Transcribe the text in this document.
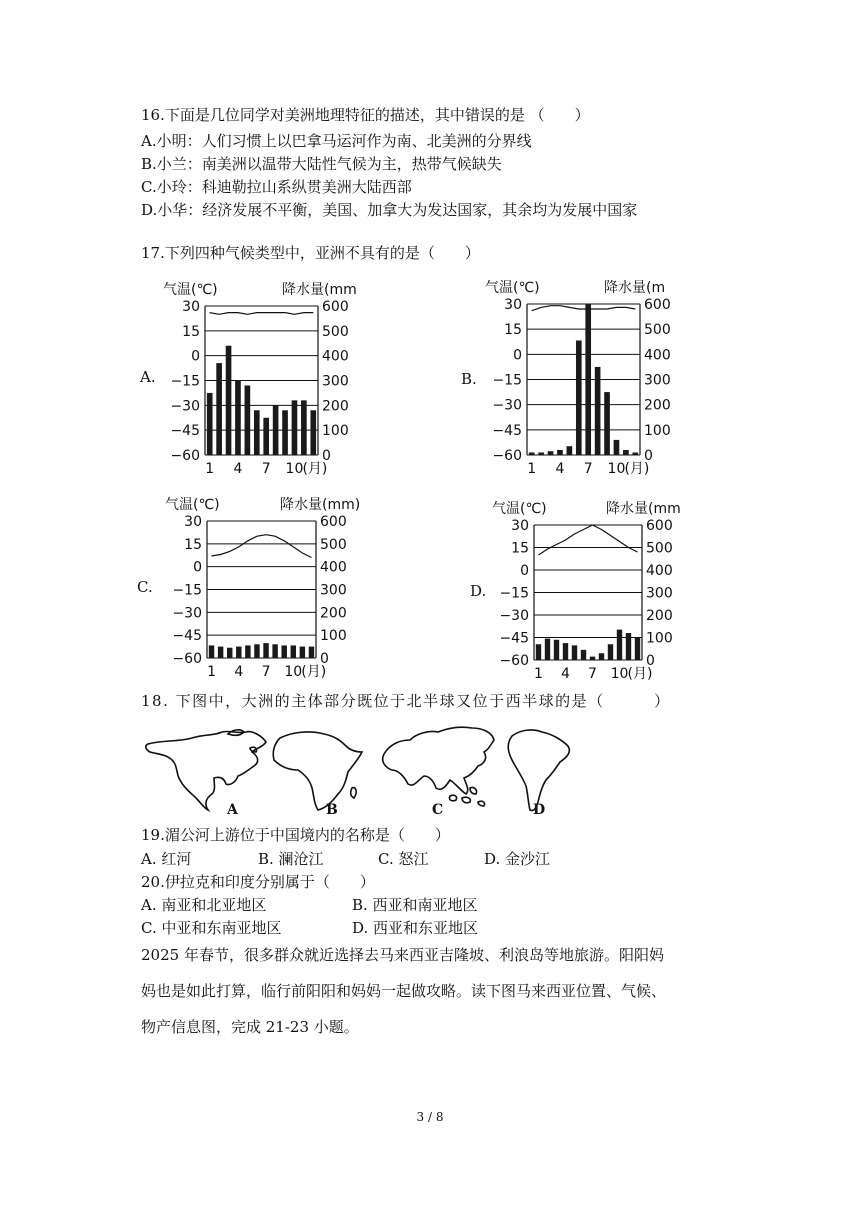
16.下面是几位同学对美洲地理特征的描述，其中错误的是 （　　）
A.小明：人们习惯上以巴拿马运河作为南、北美洲的分界线
B.小兰：南美洲以温带大陆性气候为主，热带气候缺失
C.小玲：科迪勒拉山系纵贯美洲大陆西部
D.小华：经济发展不平衡，美国、加拿大为发达国家，其余均为发展中国家
17.下列四种气候类型中，亚洲不具有的是（　　）
A.	B.
C.	D.
30
15
0
−15
−30
−45
−60
600
500
400
300
200
100
0
气温(℃)	降水量(mm
1 4 7 10 (月)
30
15
0
−15
−30
−45
−60
600
500
400
300
200
100
0
气温(℃)	降水量(m
1 4 7 10 (月)
30
15
0
−15
−30
−45
−60
600
500
400
300
200
100
0
气温(℃)	降水量(mm)
1 4 7 10 (月)
30
15
0
−15
−30
−45
−60
600
500
400
300
200
100
0
气温(℃)	降水量(mm
1 4 7 10 (月)
18. 下图中，大洲的主体部分既位于北半球又位于西半球的是（　　　）
A	B	C	D
19.湄公河上游位于中国境内的名称是（　　）
A. 红河	B. 澜沧江	C. 怒江	D. 金沙江
20.伊拉克和印度分别属于（　　）
A. 南亚和北亚地区	B. 西亚和南亚地区
C. 中亚和东南亚地区	D. 西亚和东亚地区
2025 年春节，很多群众就近选择去马来西亚吉隆坡、利浪岛等地旅游。阳阳妈
妈也是如此打算，临行前阳阳和妈妈一起做攻略。读下图马来西亚位置、气候、
物产信息图，完成 21-23 小题。
3 / 8
